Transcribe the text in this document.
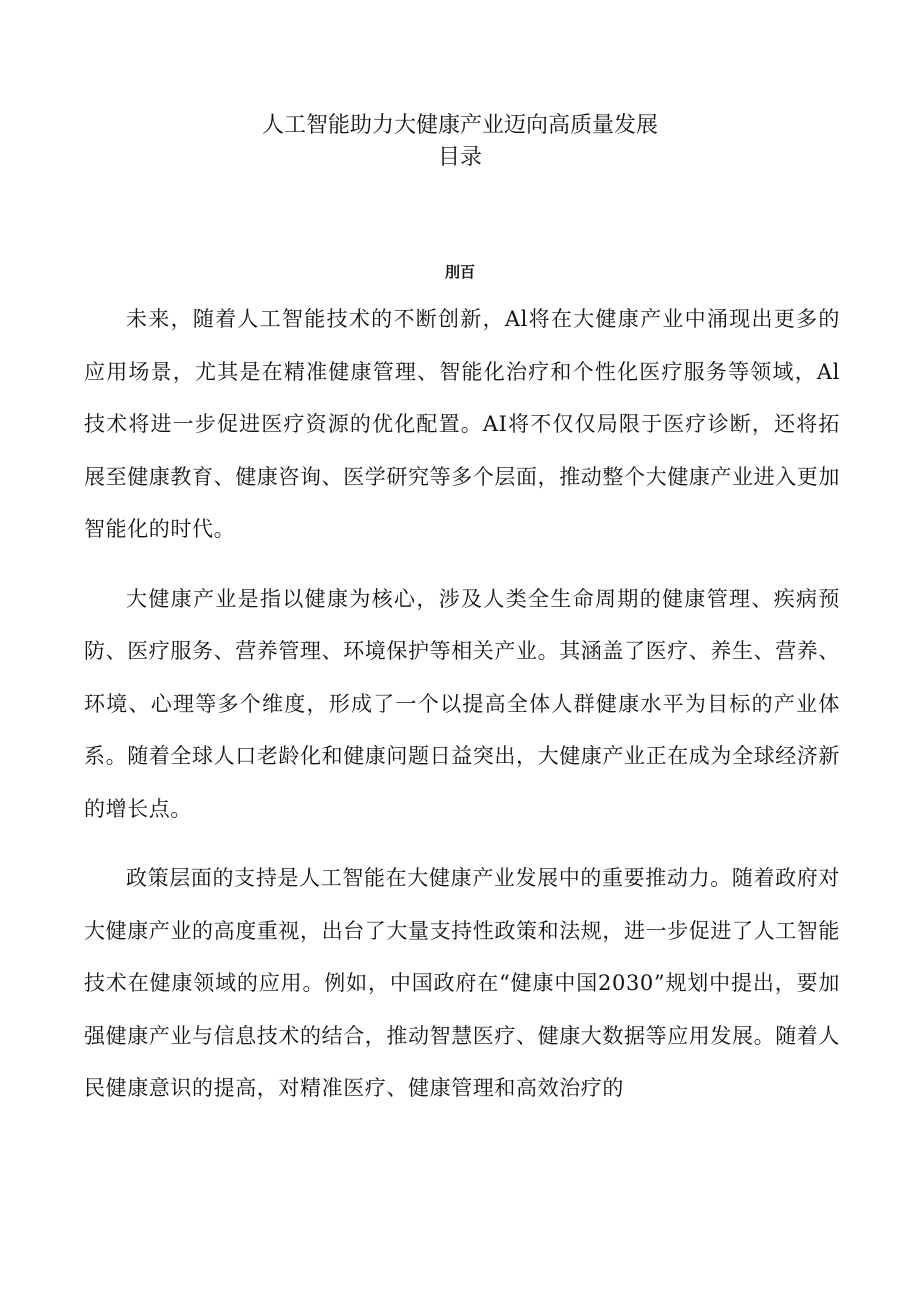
人工智能助力大健康产业迈向高质量发展
目录
刖百

未来，随着人工智能技术的不断创新，Al将在大健康产业中涌现出更多的应用场景，尤其是在精准健康管理、智能化治疗和个性化医疗服务等领域，Al技术将进一步促进医疗资源的优化配置。AI将不仅仅局限于医疗诊断，还将拓展至健康教育、健康咨询、医学研究等多个层面，推动整个大健康产业进入更加智能化的时代。

大健康产业是指以健康为核心，涉及人类全生命周期的健康管理、疾病预防、医疗服务、营养管理、环境保护等相关产业。其涵盖了医疗、养生、营养、环境、心理等多个维度，形成了一个以提高全体人群健康水平为目标的产业体系。随着全球人口老龄化和健康问题日益突出，大健康产业正在成为全球经济新的增长点。

政策层面的支持是人工智能在大健康产业发展中的重要推动力。随着政府对大健康产业的高度重视，出台了大量支持性政策和法规，进一步促进了人工智能技术在健康领域的应用。例如，中国政府在“健康中国2030”规划中提出，要加强健康产业与信息技术的结合，推动智慧医疗、健康大数据等应用发展。随着人民健康意识的提高，对精准医疗、健康管理和高效治疗的
